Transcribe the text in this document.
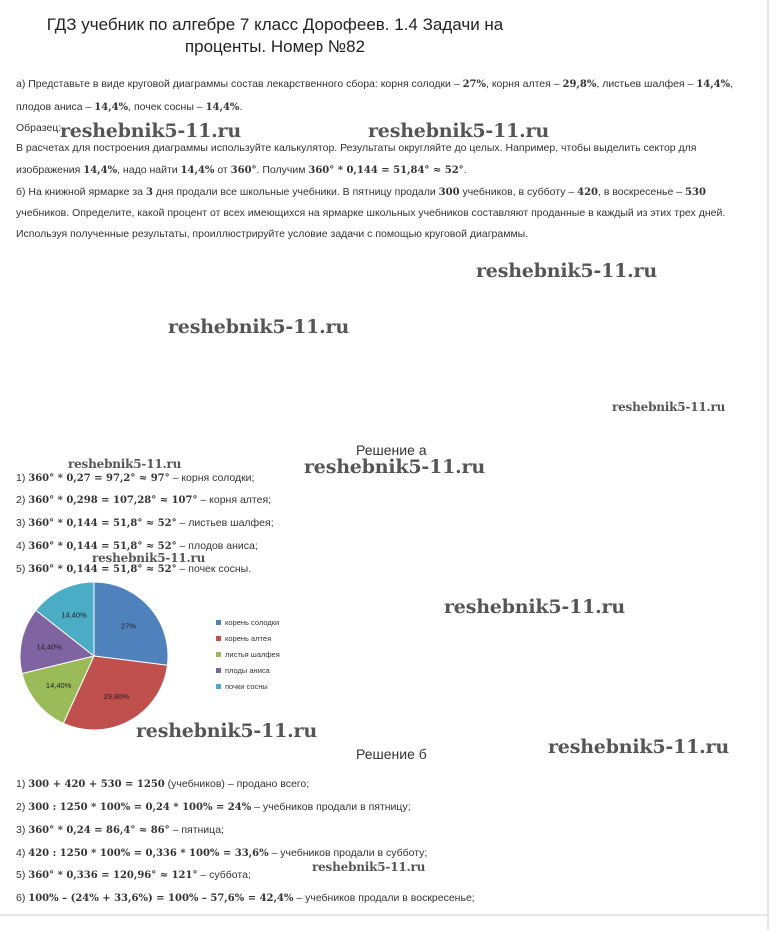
ГДЗ учебник по алгебре 7 класс Дорофеев. 1.4 Задачи на проценты. Номер №82
а) Представьте в виде круговой диаграммы состав лекарственного сбора: корня солодки – 27%, корня алтея – 29,8%, листьев шалфея – 14,4%,
плодов аниса – 14,4%, почек сосны – 14,4%.
Образец:
В расчетах для построения диаграммы используйте калькулятор. Результаты округляйте до целых. Например, чтобы выделить сектор для
изображения 14,4%, надо найти 14,4% от 360°. Получим 360° * 0,144 = 51,84° ≈ 52°.
б) На книжной ярмарке за 3 дня продали все школьные учебники. В пятницу продали 300 учебников, в субботу – 420, в воскресенье – 530
учебников. Определите, какой процент от всех имеющихся на ярмарке школьных учебников составляют проданные в каждый из этих трех дней.
Используя полученные результаты, проиллюстрируйте условие задачи с помощью круговой диаграммы.
Решение а
1) 360° * 0,27 = 97,2° ≈ 97° – корня солодки;
2) 360° * 0,298 = 107,28° ≈ 107° – корня алтея;
3) 360° * 0,144 = 51,8° ≈ 52° – листьев шалфея;
4) 360° * 0,144 = 51,8° ≈ 52° – плодов аниса;
5) 360° * 0,144 = 51,8° ≈ 52° – почек сосны.
27%
29,80%
14,40%
14,40%
14,40%
корень солодки
корень алтея
листья шалфея
плоды аниса
почки сосны
Решение б
1) 300 + 420 + 530 = 1250 (учебников) – продано всего;
2) 300 : 1250 * 100% = 0,24 * 100% = 24% – учебников продали в пятницу;
3) 360° * 0,24 = 86,4° ≈ 86° – пятница;
4) 420 : 1250 * 100% = 0,336 * 100% = 33,6% – учебников продали в субботу;
5) 360° * 0,336 = 120,96° ≈ 121° – суббота;
6) 100% – (24% + 33,6%) = 100% – 57,6% = 42,4% – учебников продали в воскресенье;
reshebnik5-11.ru	reshebnik5-11.ru
reshebnik5-11.ru
reshebnik5-11.ru
reshebnik5-11.ru
reshebnik5-11.ru	reshebnik5-11.ru
reshebnik5-11.ru
reshebnik5-11.ru
reshebnik5-11.ru
reshebnik5-11.ru
reshebnik5-11.ru
